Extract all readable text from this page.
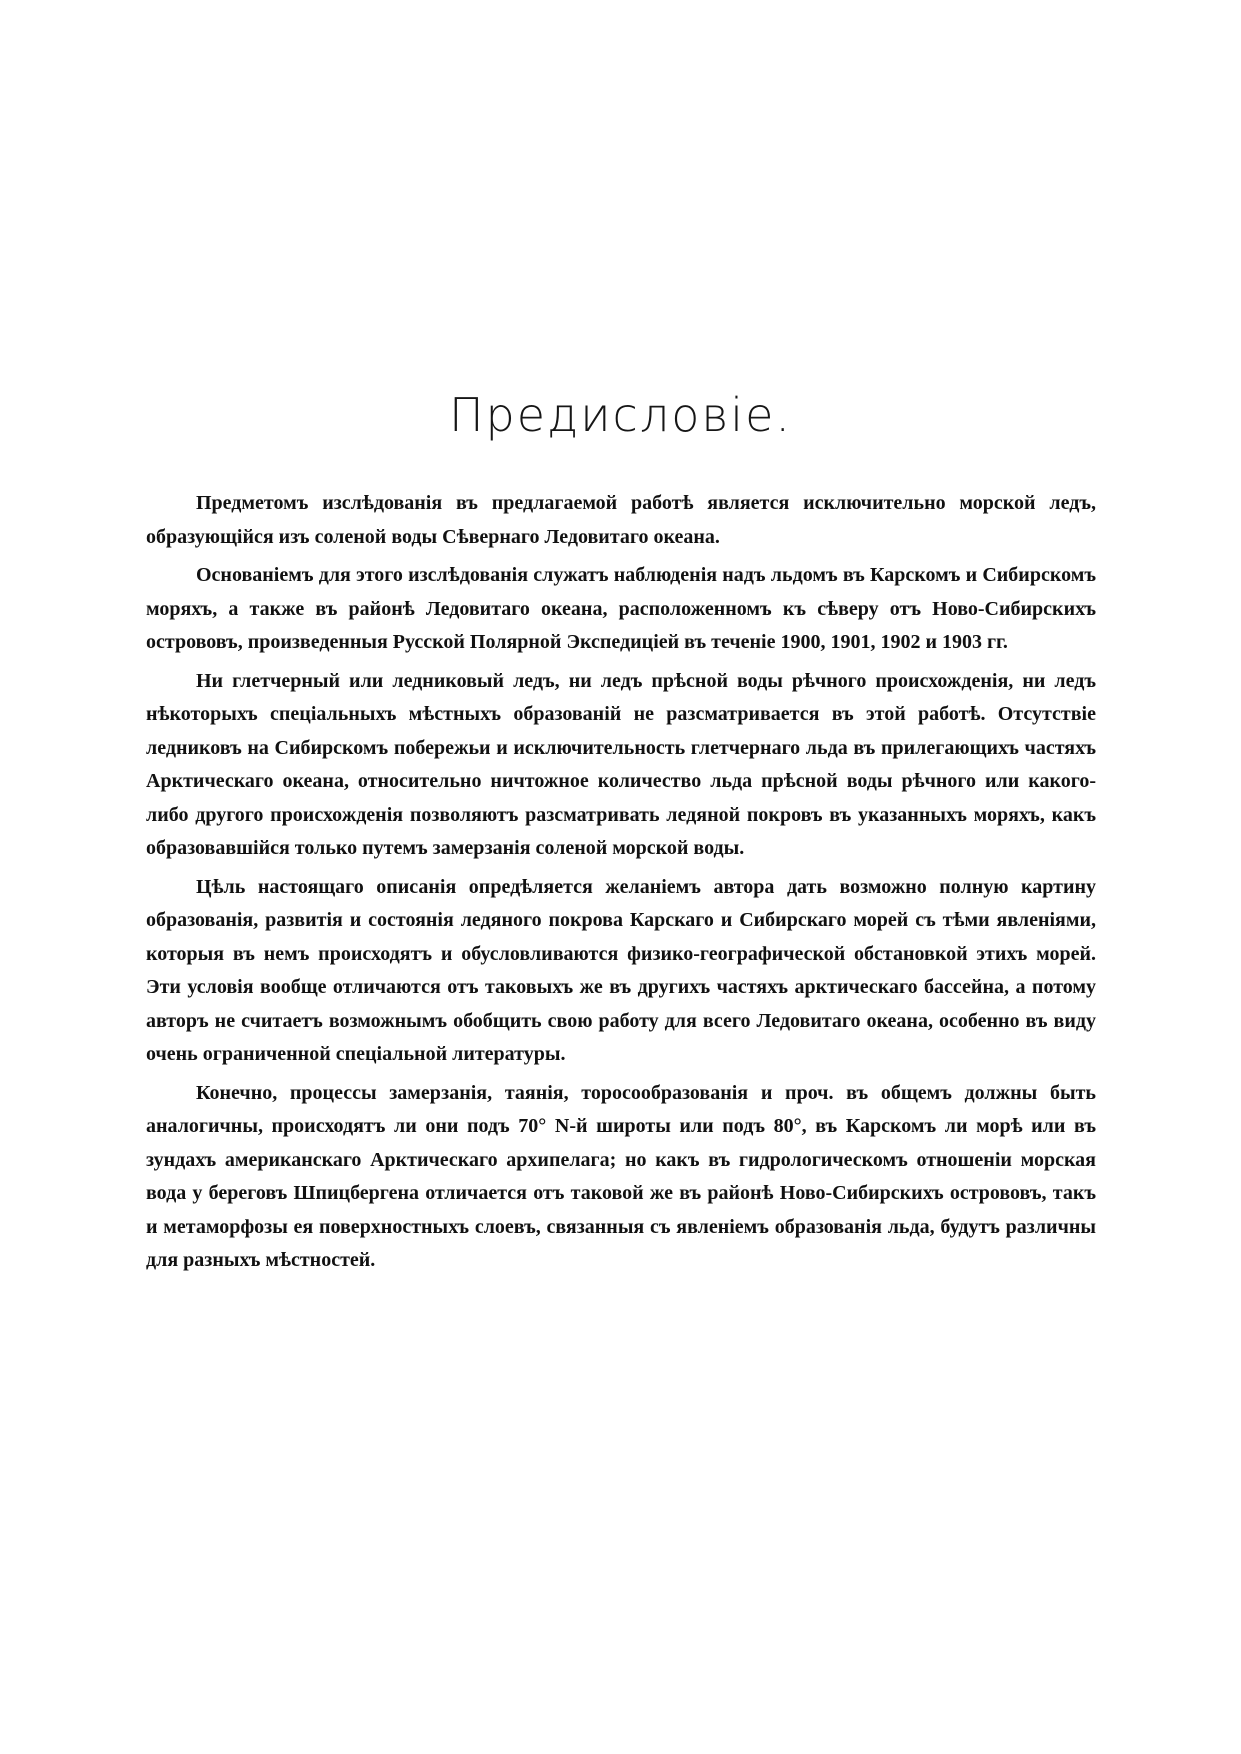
Предисловіе.

Предметомъ изслѣдованія въ предлагаемой работѣ является исключительно морской ледъ, образующійся изъ соленой воды Сѣвернаго Ледовитаго океана.

Основаніемъ для этого изслѣдованія служатъ наблюденія надъ льдомъ въ Карскомъ и Сибирскомъ моряхъ, а также въ районѣ Ледовитаго океана, расположенномъ къ сѣверу отъ Ново-Сибирскихъ острововъ, произведенныя Русской Полярной Экспедиціей въ теченіе 1900, 1901, 1902 и 1903 гг.

Ни глетчерный или ледниковый ледъ, ни ледъ прѣсной воды рѣчного происхожденія, ни ледъ нѣкоторыхъ спеціальныхъ мѣстныхъ образованій не разсматривается въ этой работѣ. Отсутствіе ледниковъ на Сибирскомъ побережьи и исключительность глетчернаго льда въ прилегающихъ частяхъ Арктическаго океана, относительно ничтожное количество льда прѣсной воды рѣчного или какого-либо другого происхожденія позволяютъ разсматривать ледяной покровъ въ указанныхъ моряхъ, какъ образовавшійся только путемъ замерзанія соленой морской воды.

Цѣль настоящаго описанія опредѣляется желаніемъ автора дать возможно полную картину образованія, развитія и состоянія ледяного покрова Карскаго и Сибирскаго морей съ тѣми явленіями, которыя въ немъ происходятъ и обусловливаются физико-географической обстановкой этихъ морей. Эти условія вообще отличаются отъ таковыхъ же въ другихъ частяхъ арктическаго бассейна, а потому авторъ не считаетъ возможнымъ обобщить свою работу для всего Ледовитаго океана, особенно въ виду очень ограниченной спеціальной литературы.

Конечно, процессы замерзанія, таянія, торосообразованія и проч. въ общемъ должны быть аналогичны, происходятъ ли они подъ 70° N-й широты или подъ 80°, въ Карскомъ ли морѣ или въ зундахъ американскаго Арктическаго архипелага; но какъ въ гидрологическомъ отношеніи морская вода у береговъ Шпицбергена отличается отъ таковой же въ районѣ Ново-Сибирскихъ острововъ, такъ и метаморфозы ея поверхностныхъ слоевъ, связанныя съ явленіемъ образованія льда, будутъ различны для разныхъ мѣстностей.
